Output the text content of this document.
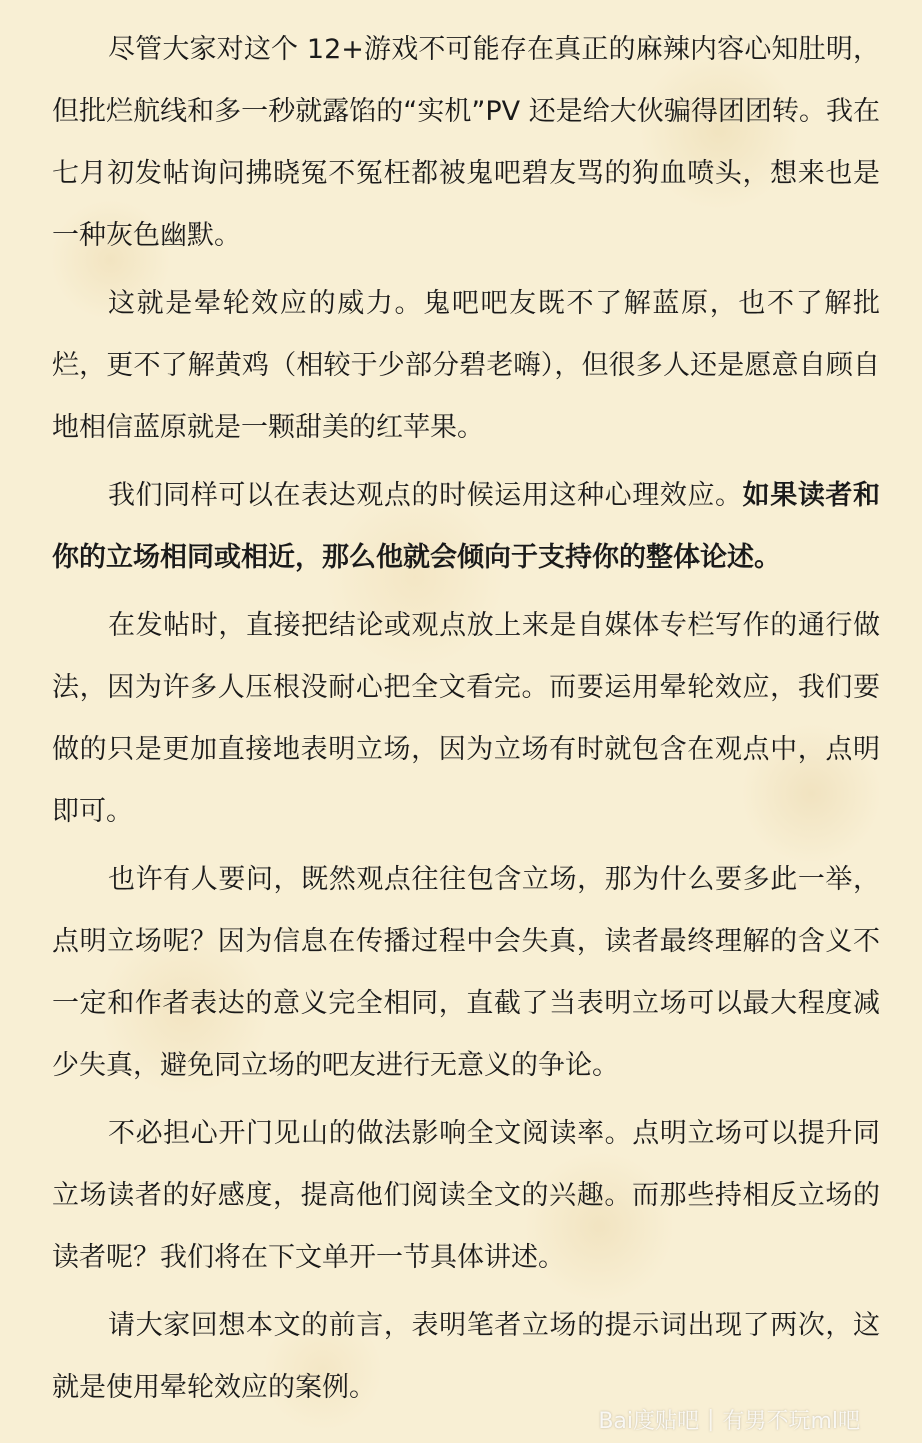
尽管大家对这个 12+游戏不可能存在真正的麻辣内容心知肚明，但批烂航线和多一秒就露馅的“实机”PV 还是给大伙骗得团团转。我在七月初发帖询问拂晓冤不冤枉都被鬼吧碧友骂的狗血喷头，想来也是一种灰色幽默。

这就是晕轮效应的威力。鬼吧吧友既不了解蓝原，也不了解批烂，更不了解黄鸡（相较于少部分碧老嗨），但很多人还是愿意自顾自地相信蓝原就是一颗甜美的红苹果。

我们同样可以在表达观点的时候运用这种心理效应。如果读者和你的立场相同或相近，那么他就会倾向于支持你的整体论述。

在发帖时，直接把结论或观点放上来是自媒体专栏写作的通行做法，因为许多人压根没耐心把全文看完。而要运用晕轮效应，我们要做的只是更加直接地表明立场，因为立场有时就包含在观点中，点明即可。

也许有人要问，既然观点往往包含立场，那为什么要多此一举，点明立场呢？因为信息在传播过程中会失真，读者最终理解的含义不一定和作者表达的意义完全相同，直截了当表明立场可以最大程度减少失真，避免同立场的吧友进行无意义的争论。

不必担心开门见山的做法影响全文阅读率。点明立场可以提升同立场读者的好感度，提高他们阅读全文的兴趣。而那些持相反立场的读者呢？我们将在下文单开一节具体讲述。

请大家回想本文的前言，表明笔者立场的提示词出现了两次，这就是使用晕轮效应的案例。

Bai度贴吧 | 有男不玩ml吧
